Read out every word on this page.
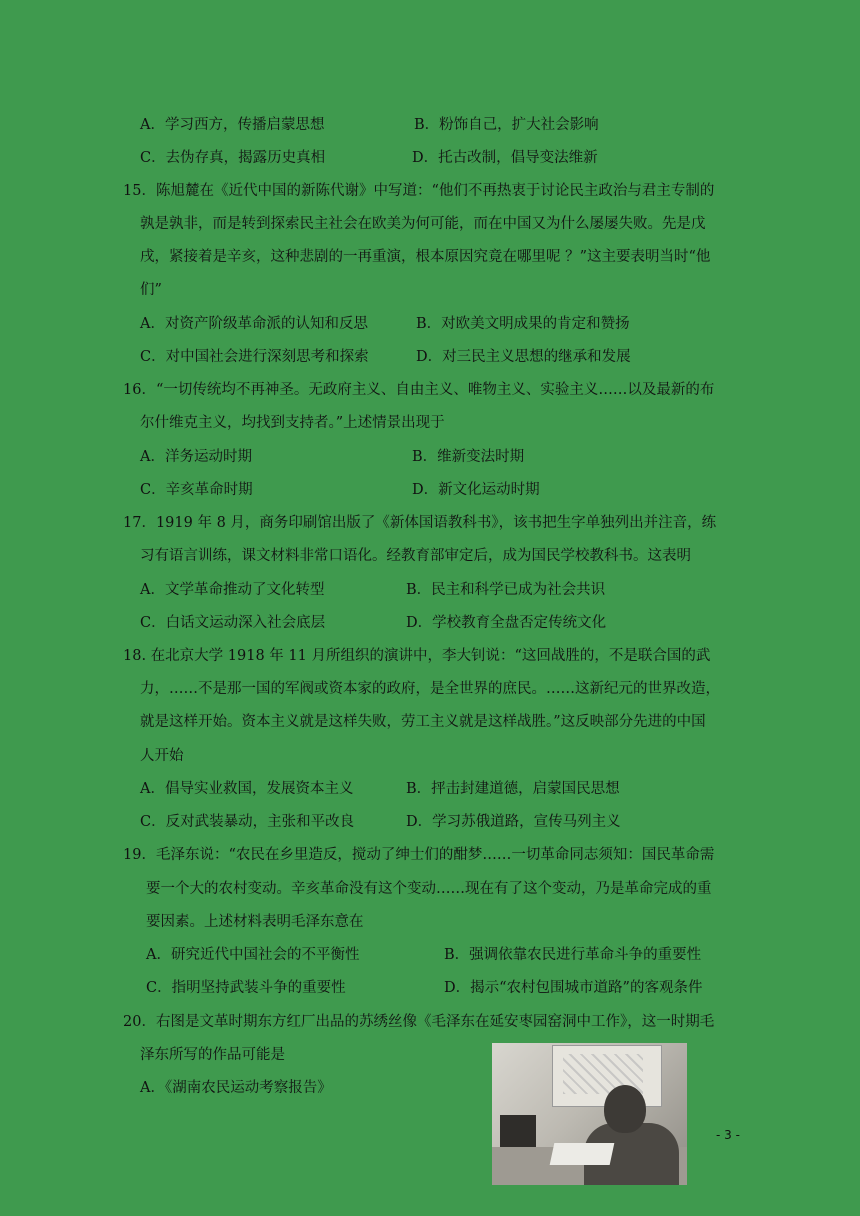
A．学习西方，传播启蒙思想	B．粉饰自己，扩大社会影响
C．去伪存真，揭露历史真相	D．托古改制，倡导变法维新
15．陈旭麓在《近代中国的新陈代谢》中写道：“他们不再热衷于讨论民主政治与君主专制的
孰是孰非，而是转到探索民主社会在欧美为何可能，而在中国又为什么屡屡失败。先是戊
戌，紧接着是辛亥，这种悲剧的一再重演，根本原因究竟在哪里呢 ？”这主要表明当时“他
们”
A．对资产阶级革命派的认知和反思	B．对欧美文明成果的肯定和赞扬
C．对中国社会进行深刻思考和探索	D．对三民主义思想的继承和发展
16．“一切传统均不再神圣。无政府主义、自由主义、唯物主义、实验主义……以及最新的布
尔什维克主义，均找到支持者。”上述情景出现于
A．洋务运动时期	B．维新变法时期
C．辛亥革命时期	D．新文化运动时期
17．1919 年 8 月，商务印刷馆出版了《新体国语教科书》，该书把生字单独列出并注音，练
习有语言训练，课文材料非常口语化。经教育部审定后，成为国民学校教科书。这表明
A．文学革命推动了文化转型	B．民主和科学已成为社会共识
C．白话文运动深入社会底层	D．学校教育全盘否定传统文化
18. 在北京大学 1918 年 11 月所组织的演讲中，李大钊说：“这回战胜的，不是联合国的武
力，……不是那一国的军阀或资本家的政府，是全世界的庶民。……这新纪元的世界改造，
就是这样开始。资本主义就是这样失败，劳工主义就是这样战胜。”这反映部分先进的中国
人开始
A．倡导实业救国，发展资本主义	B．抨击封建道德，启蒙国民思想
C．反对武装暴动，主张和平改良	D．学习苏俄道路，宣传马列主义
19．毛泽东说：“农民在乡里造反，搅动了绅士们的酣梦……一切革命同志须知：国民革命需
要一个大的农村变动。辛亥革命没有这个变动……现在有了这个变动，乃是革命完成的重
要因素。上述材料表明毛泽东意在
A．研究近代中国社会的不平衡性	B．强调依靠农民进行革命斗争的重要性
C．指明坚持武装斗争的重要性	D．揭示“农村包围城市道路”的客观条件
20．右图是文革时期东方红厂出品的苏绣丝像《毛泽东在延安枣园窑洞中工作》，这一时期毛
泽东所写的作品可能是
A．《湖南农民运动考察报告》
- 3 -
